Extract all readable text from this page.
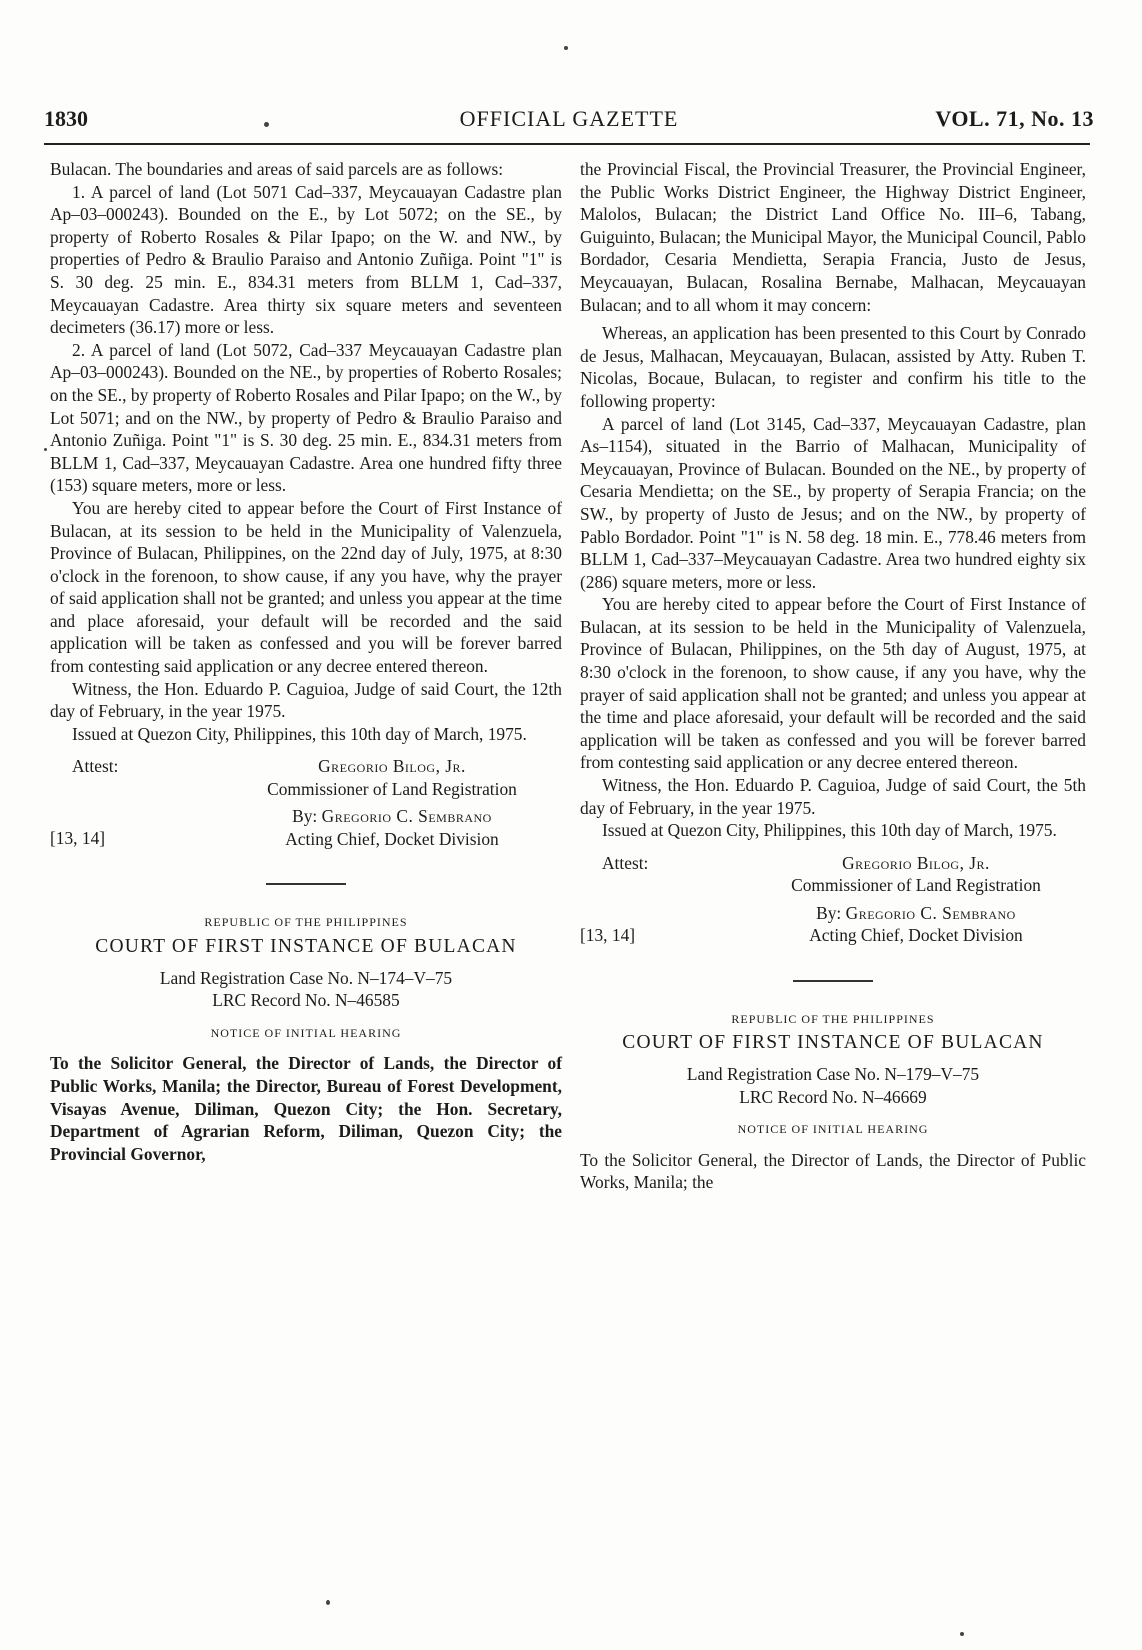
1830	OFFICIAL GAZETTE	VOL. 71, No. 13

Bulacan. The boundaries and areas of said parcels are as follows:

1. A parcel of land (Lot 5071 Cad–337, Meycauayan Cadastre plan Ap–03–000243). Bounded on the E., by Lot 5072; on the SE., by property of Roberto Rosales & Pilar Ipapo; on the W. and NW., by properties of Pedro & Braulio Paraiso and Antonio Zuñiga. Point "1" is S. 30 deg. 25 min. E., 834.31 meters from BLLM 1, Cad–337, Meycauayan Cadastre. Area thirty six square meters and seventeen decimeters (36.17) more or less.

2. A parcel of land (Lot 5072, Cad–337 Meycauayan Cadastre plan Ap–03–000243). Bounded on the NE., by properties of Roberto Rosales; on the SE., by property of Roberto Rosales and Pilar Ipapo; on the W., by Lot 5071; and on the NW., by property of Pedro & Braulio Paraiso and Antonio Zuñiga. Point "1" is S. 30 deg. 25 min. E., 834.31 meters from BLLM 1, Cad–337, Meycauayan Cadastre. Area one hundred fifty three (153) square meters, more or less.

You are hereby cited to appear before the Court of First Instance of Bulacan, at its session to be held in the Municipality of Valenzuela, Province of Bulacan, Philippines, on the 22nd day of July, 1975, at 8:30 o'clock in the forenoon, to show cause, if any you have, why the prayer of said application shall not be granted; and unless you appear at the time and place aforesaid, your default will be recorded and the said application will be taken as confessed and you will be forever barred from contesting said application or any decree entered thereon.

Witness, the Hon. Eduardo P. Caguioa, Judge of said Court, the 12th day of February, in the year 1975.

Issued at Quezon City, Philippines, this 10th day of March, 1975.

Attest:	Gregorio Bilog, Jr.
Commissioner of Land Registration
[13, 14]
By: Gregorio C. Sembrano
Acting Chief, Docket Division
REPUBLIC OF THE PHILIPPINES
COURT OF FIRST INSTANCE OF BULACAN
Land Registration Case No. N–174–V–75
LRC Record No. N–46585
NOTICE OF INITIAL HEARING

To the Solicitor General, the Director of Lands, the Director of Public Works, Manila; the Director, Bureau of Forest Development, Visayas Avenue, Diliman, Quezon City; the Hon. Secretary, Department of Agrarian Reform, Diliman, Quezon City; the Provincial Governor,

the Provincial Fiscal, the Provincial Treasurer, the Provincial Engineer, the Public Works District Engineer, the Highway District Engineer, Malolos, Bulacan; the District Land Office No. III–6, Tabang, Guiguinto, Bulacan; the Municipal Mayor, the Municipal Council, Pablo Bordador, Cesaria Mendietta, Serapia Francia, Justo de Jesus, Meycauayan, Bulacan, Rosalina Bernabe, Malhacan, Meycauayan Bulacan; and to all whom it may concern:

Whereas, an application has been presented to this Court by Conrado de Jesus, Malhacan, Meycauayan, Bulacan, assisted by Atty. Ruben T. Nicolas, Bocaue, Bulacan, to register and confirm his title to the following property:

A parcel of land (Lot 3145, Cad–337, Meycauayan Cadastre, plan As–1154), situated in the Barrio of Malhacan, Municipality of Meycauayan, Province of Bulacan. Bounded on the NE., by property of Cesaria Mendietta; on the SE., by property of Serapia Francia; on the SW., by property of Justo de Jesus; and on the NW., by property of Pablo Bordador. Point "1" is N. 58 deg. 18 min. E., 778.46 meters from BLLM 1, Cad–337–Meycauayan Cadastre. Area two hundred eighty six (286) square meters, more or less.

You are hereby cited to appear before the Court of First Instance of Bulacan, at its session to be held in the Municipality of Valenzuela, Province of Bulacan, Philippines, on the 5th day of August, 1975, at 8:30 o'clock in the forenoon, to show cause, if any you have, why the prayer of said application shall not be granted; and unless you appear at the time and place aforesaid, your default will be recorded and the said application will be taken as confessed and you will be forever barred from contesting said application or any decree entered thereon.

Witness, the Hon. Eduardo P. Caguioa, Judge of said Court, the 5th day of February, in the year 1975.

Issued at Quezon City, Philippines, this 10th day of March, 1975.

Attest:	Gregorio Bilog, Jr.
Commissioner of Land Registration
[13, 14]
By: Gregorio C. Sembrano
Acting Chief, Docket Division
REPUBLIC OF THE PHILIPPINES
COURT OF FIRST INSTANCE OF BULACAN
Land Registration Case No. N–179–V–75
LRC Record No. N–46669
NOTICE OF INITIAL HEARING

To the Solicitor General, the Director of Lands, the Director of Public Works, Manila; the
